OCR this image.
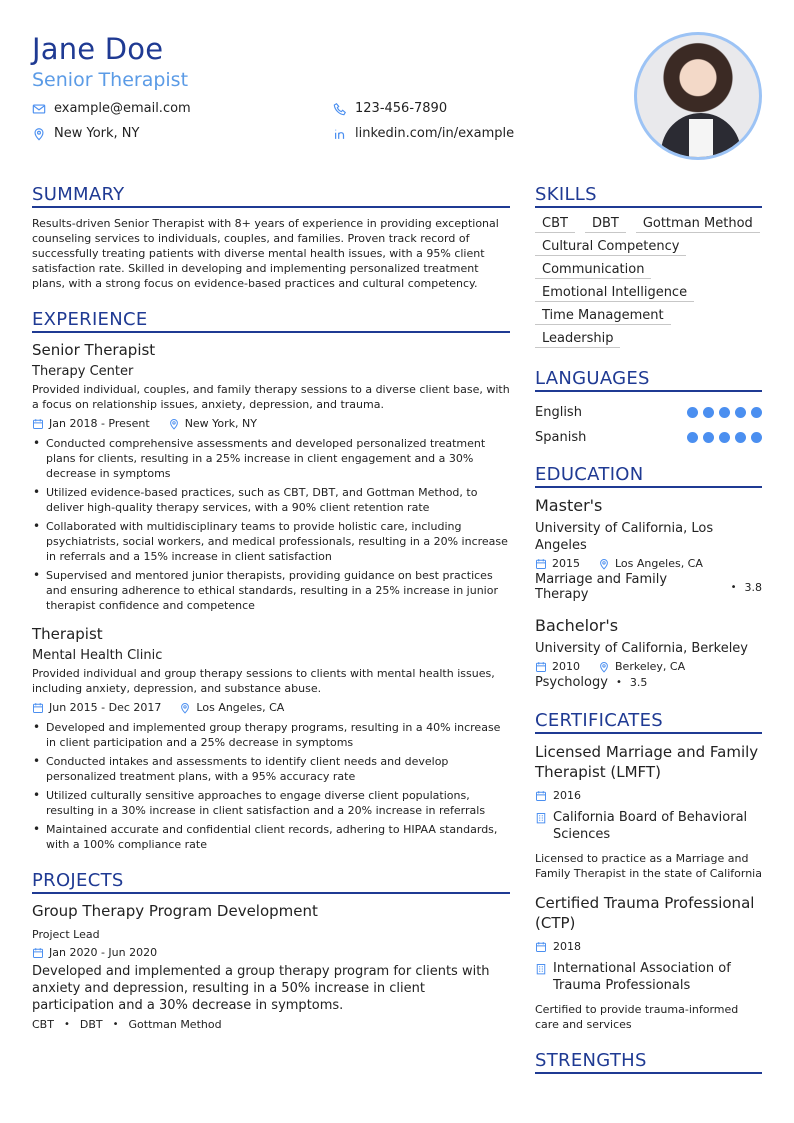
Jane Doe
Senior Therapist
example@email.com	123-456-7890
New York, NY	linkedin.com/in/example
SUMMARY
Results-driven Senior Therapist with 8+ years of experience in providing exceptional counseling services to individuals, couples, and families. Proven track record of successfully treating patients with diverse mental health issues, with a 95% client satisfaction rate. Skilled in developing and implementing personalized treatment plans, with a strong focus on evidence-based practices and cultural competency.
EXPERIENCE
Senior Therapist
Therapy Center
Provided individual, couples, and family therapy sessions to a diverse client base, with a focus on relationship issues, anxiety, depression, and trauma.
Jan 2018 - Present	New York, NY
• Conducted comprehensive assessments and developed personalized treatment plans for clients, resulting in a 25% increase in client engagement and a 30% decrease in symptoms
• Utilized evidence-based practices, such as CBT, DBT, and Gottman Method, to deliver high-quality therapy services, with a 90% client retention rate
• Collaborated with multidisciplinary teams to provide holistic care, including psychiatrists, social workers, and medical professionals, resulting in a 20% increase in referrals and a 15% increase in client satisfaction
• Supervised and mentored junior therapists, providing guidance on best practices and ensuring adherence to ethical standards, resulting in a 25% increase in junior therapist confidence and competence
Therapist
Mental Health Clinic
Provided individual and group therapy sessions to clients with mental health issues, including anxiety, depression, and substance abuse.
Jun 2015 - Dec 2017	Los Angeles, CA
• Developed and implemented group therapy programs, resulting in a 40% increase in client participation and a 25% decrease in symptoms
• Conducted intakes and assessments to identify client needs and develop personalized treatment plans, with a 95% accuracy rate
• Utilized culturally sensitive approaches to engage diverse client populations, resulting in a 30% increase in client satisfaction and a 20% increase in referrals
• Maintained accurate and confidential client records, adhering to HIPAA standards, with a 100% compliance rate
PROJECTS
Group Therapy Program Development
Project Lead
Jan 2020 - Jun 2020
Developed and implemented a group therapy program for clients with anxiety and depression, resulting in a 50% increase in client participation and a 30% decrease in symptoms.
CBT • DBT • Gottman Method
SKILLS
CBT	DBT	Gottman Method
Cultural Competency
Communication
Emotional Intelligence
Time Management
Leadership
LANGUAGES
English
Spanish
EDUCATION
Master's
University of California, Los Angeles
2015	Los Angeles, CA
Marriage and Family Therapy	• 3.8
Bachelor's
University of California, Berkeley
2010	Berkeley, CA
Psychology • 3.5
CERTIFICATES
Licensed Marriage and Family Therapist (LMFT)
2016
California Board of Behavioral Sciences
Licensed to practice as a Marriage and Family Therapist in the state of California
Certified Trauma Professional (CTP)
2018
International Association of Trauma Professionals
Certified to provide trauma-informed care and services
STRENGTHS
